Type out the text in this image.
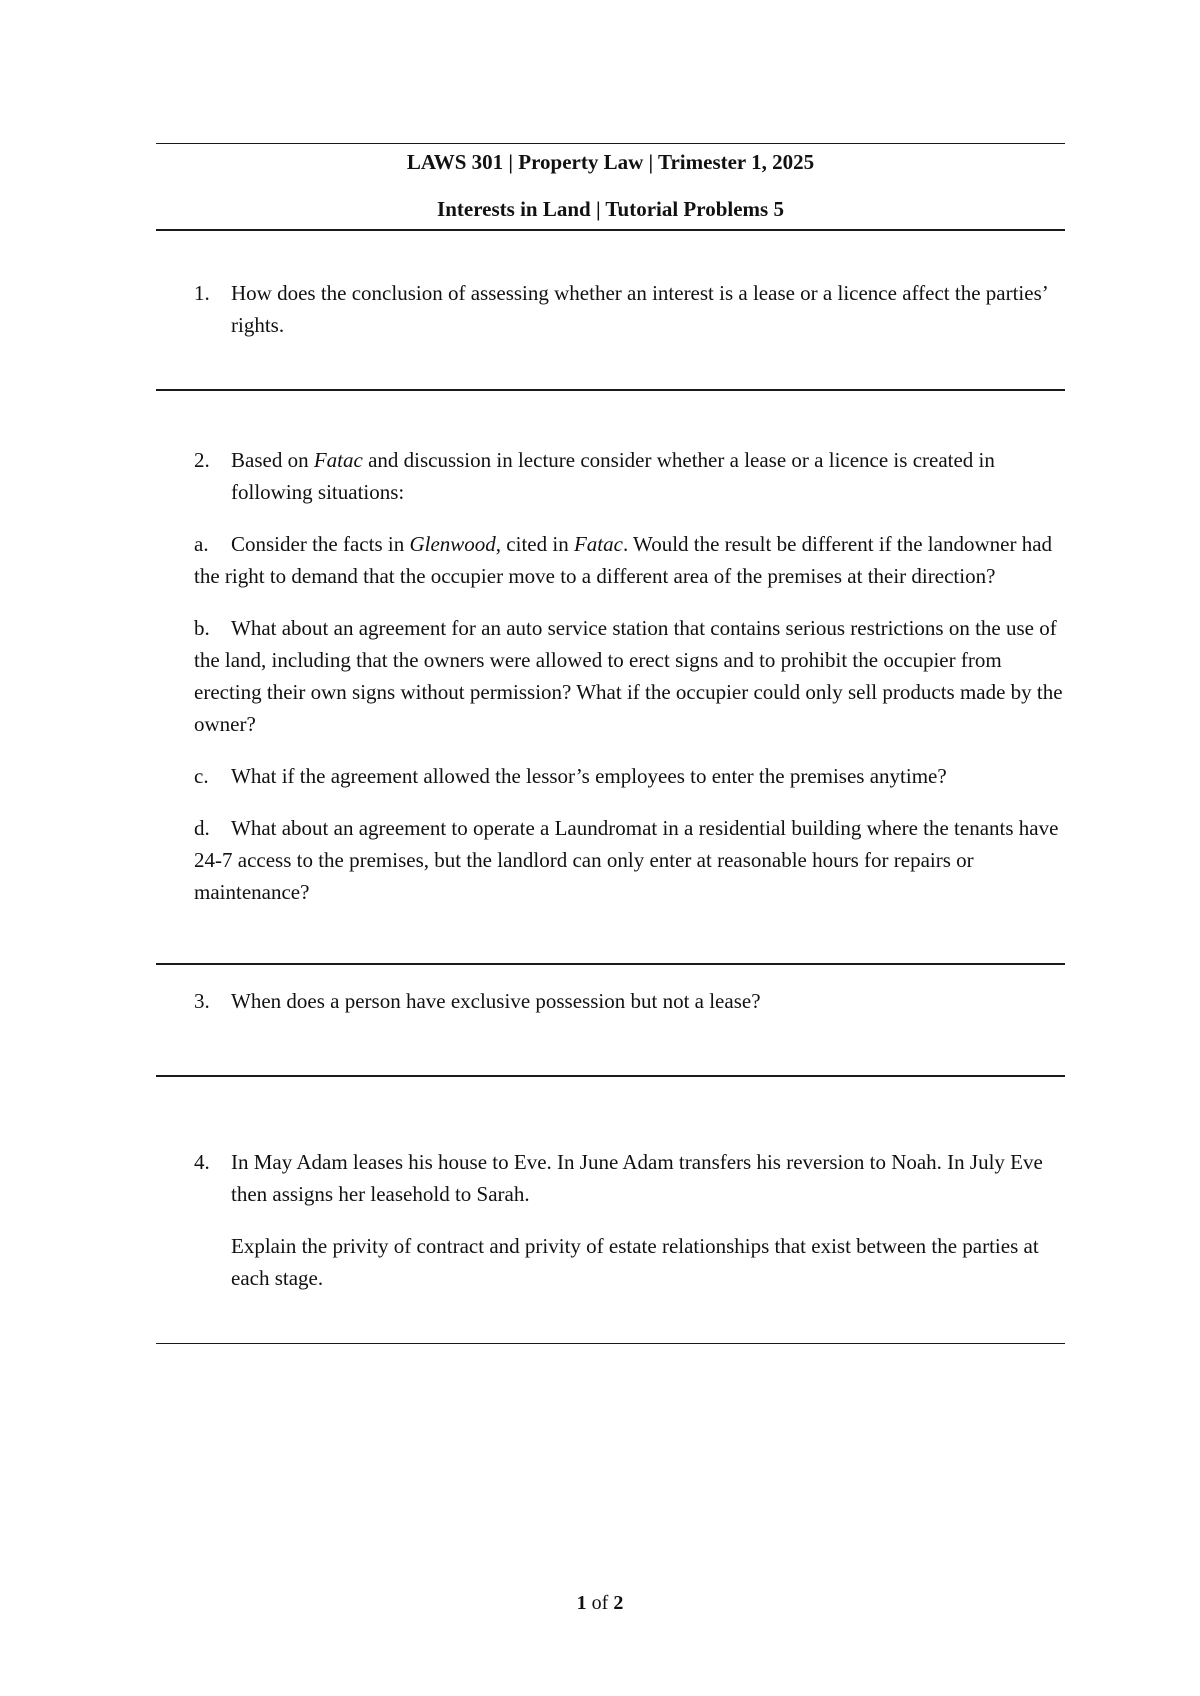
LAWS 301 | Property Law | Trimester 1, 2025
Interests in Land | Tutorial Problems 5
1.	How does the conclusion of assessing whether an interest is a lease or a licence affect the parties’ rights.
2.	Based on Fatac and discussion in lecture consider whether a lease or a licence is created in following situations:
a. Consider the facts in Glenwood, cited in Fatac. Would the result be different if the landowner had the right to demand that the occupier move to a different area of the premises at their direction?
b. What about an agreement for an auto service station that contains serious restrictions on the use of the land, including that the owners were allowed to erect signs and to prohibit the occupier from erecting their own signs without permission? What if the occupier could only sell products made by the owner?
c. What if the agreement allowed the lessor’s employees to enter the premises anytime?
d. What about an agreement to operate a Laundromat in a residential building where the tenants have 24-7 access to the premises, but the landlord can only enter at reasonable hours for repairs or maintenance?
3.	When does a person have exclusive possession but not a lease?
4.	In May Adam leases his house to Eve. In June Adam transfers his reversion to Noah. In July Eve then assigns her leasehold to Sarah.
Explain the privity of contract and privity of estate relationships that exist between the parties at each stage.
1 of 2
